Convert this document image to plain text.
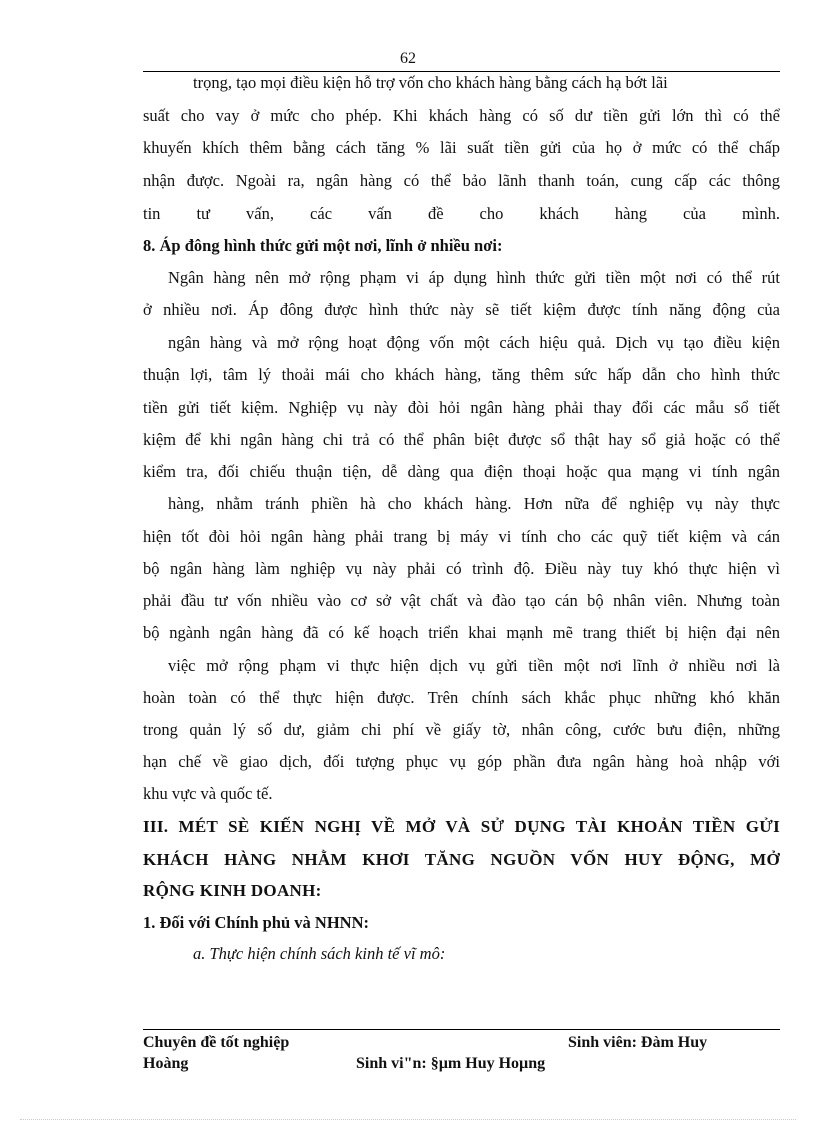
62
trọng, tạo mọi điều kiện hỗ trợ vốn cho khách hàng bằng cách hạ bớt lãi
suất cho vay ở mức cho phép. Khi khách hàng có số dư tiền gửi lớn thì có thể
khuyến khích thêm bằng cách tăng % lãi suất tiền gửi của họ ở mức có thể chấp
nhận được. Ngoài ra, ngân hàng có thể bảo lãnh thanh toán, cung cấp các thông
tin tư vấn, các vấn đề cho khách hàng của mình.
8. Áp đông hình thức gửi một nơi, lĩnh ở nhiều nơi:
Ngân hàng nên mở rộng phạm vi áp dụng hình thức gửi tiền một nơi có thể rút
ở nhiều nơi. Áp đông được hình thức này sẽ tiết kiệm được tính năng động của
ngân hàng và mở rộng hoạt động vốn một cách hiệu quả. Dịch vụ tạo điều kiện
thuận lợi, tâm lý thoải mái cho khách hàng, tăng thêm sức hấp dẫn cho hình thức
tiền gửi tiết kiệm. Nghiệp vụ này đòi hỏi ngân hàng phải thay đổi các mẫu sổ tiết
kiệm để khi ngân hàng chi trả có thể phân biệt được sổ thật hay sổ giả hoặc có thể
kiểm tra, đối chiếu thuận tiện, dễ dàng qua điện thoại hoặc qua mạng vi tính ngân
hàng, nhằm tránh phiền hà cho khách hàng. Hơn nữa để nghiệp vụ này thực
hiện tốt đòi hỏi ngân hàng phải trang bị máy vi tính cho các quỹ tiết kiệm và cán
bộ ngân hàng làm nghiệp vụ này phải có trình độ. Điều này tuy khó thực hiện vì
phải đầu tư vốn nhiều vào cơ sở vật chất và đào tạo cán bộ nhân viên. Nhưng toàn
bộ ngành ngân hàng đã có kế hoạch triển khai mạnh mẽ trang thiết bị hiện đại nên
việc mở rộng phạm vi thực hiện dịch vụ gửi tiền một nơi lĩnh ở nhiều nơi là
hoàn toàn có thể thực hiện được. Trên chính sách khắc phục những khó khăn
trong quản lý số dư, giảm chi phí về giấy tờ, nhân công, cước bưu điện, những
hạn chế về giao dịch, đối tượng phục vụ góp phần đưa ngân hàng hoà nhập với
khu vực và quốc tế.
III. MÉT SÈ KIẾN NGHỊ VỀ MỞ VÀ SỬ DỤNG TÀI KHOẢN TIỀN GỬI
KHÁCH HÀNG NHẰM KHƠI TĂNG NGUỒN VỐN HUY ĐỘNG, MỞ
RỘNG KINH DOANH:
1. Đối với Chính phủ và NHNN:
a. Thực hiện chính sách kinh tế vĩ mô:
Chuyên đề tốt nghiệp	Sinh viên: Đàm Huy
Hoàng	Sinh vi"n: §µm Huy Hoµng
